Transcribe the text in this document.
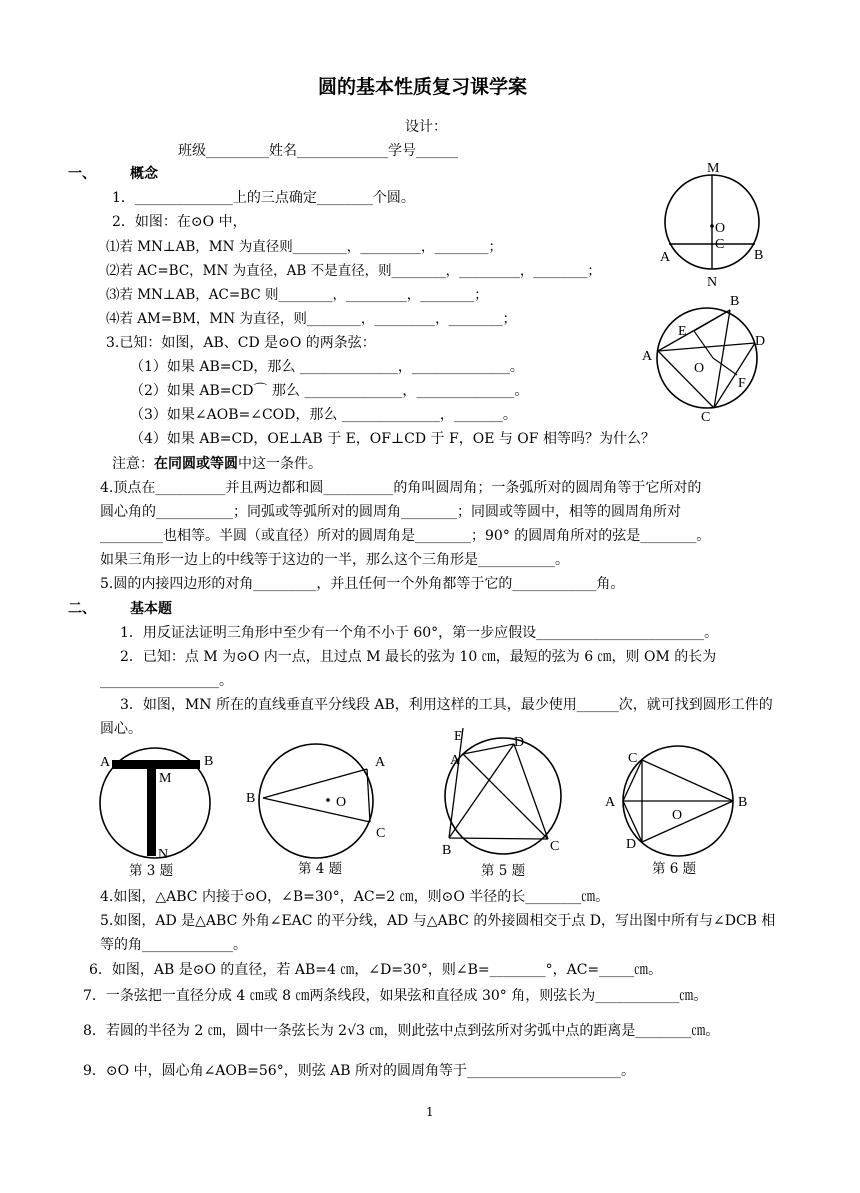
圆的基本性质复习课学案
设计：
班级_________姓名_____________学号______
一、 概念
1．______________上的三点确定________个圆。
2．如图：在⊙O 中，
⑴若 MN⊥AB，MN 为直径则________，_________，________；
⑵若 AC=BC，MN 为直径，AB 不是直径，则________，_________，________；
⑶若 MN⊥AB，AC=BC 则________，_________，________；
⑷若 AM=BM，MN 为直径，则________，_________，________；
3.已知：如图，AB、CD 是⊙O 的两条弦：
（1）如果 AB=CD，那么 ______________，______________。
（2）如果 AB=CD⌒ 那么 ______________，______________。
（3）如果∠AOB=∠COD，那么 ______________，_______。
（4）如果 AB=CD，OE⊥AB 于 E，OF⊥CD 于 F，OE 与 OF 相等吗？为什么？
注意：在同圆或等圆中这一条件。
4.顶点在__________并且两边都和圆__________的角叫圆周角；一条弧所对的圆周角等于它所对的
圆心角的___________；同弧或等弧所对的圆周角________；同圆或等圆中，相等的圆周角所对
_________也相等。半圆（或直径）所对的圆周角是________；90° 的圆周角所对的弦是________。
如果三角形一边上的中线等于这边的一半，那么这个三角形是___________。
5.圆的内接四边形的对角_________，并且任何一个外角都等于它的____________角。
二、 基本题
1．用反证法证明三角形中至少有一个角不小于 60°，第一步应假设________________________。
2．已知：点 M 为⊙O 内一点，且过点 M 最长的弦为 10 ㎝，最短的弦为 6 ㎝，则 OM 的长为
_________________。
3．如图，MN 所在的直线垂直平分线段 AB，利用这样的工具，最少使用______次，就可找到圆形工件的
圆心。
M
O
C
A	B
N
B
E
D
A
O
F
C
A	B
M
N
第 3 题
A
B	O
C
第 4 题
E	D
A
B	C
第 5 题
C
A	B
O
D
第 6 题
4.如图，△ABC 内接于⊙O，∠B=30°，AC=2 ㎝，则⊙O 半径的长________㎝。
5.如图，AD 是△ABC 外角∠EAC 的平分线，AD 与△ABC 的外接圆相交于点 D，写出图中所有与∠DCB 相
等的角_____________。
6．如图，AB 是⊙O 的直径，若 AB=4 ㎝，∠D=30°，则∠B=________°，AC=_____㎝。
7．一条弦把一直径分成 4 ㎝或 8 ㎝两条线段，如果弦和直径成 30° 角，则弦长为____________㎝。
8．若圆的半径为 2 ㎝，圆中一条弦长为 2√3 ㎝，则此弦中点到弦所对劣弧中点的距离是________㎝。
9．⊙O 中，圆心角∠AOB=56°，则弦 AB 所对的圆周角等于______________________。
1
